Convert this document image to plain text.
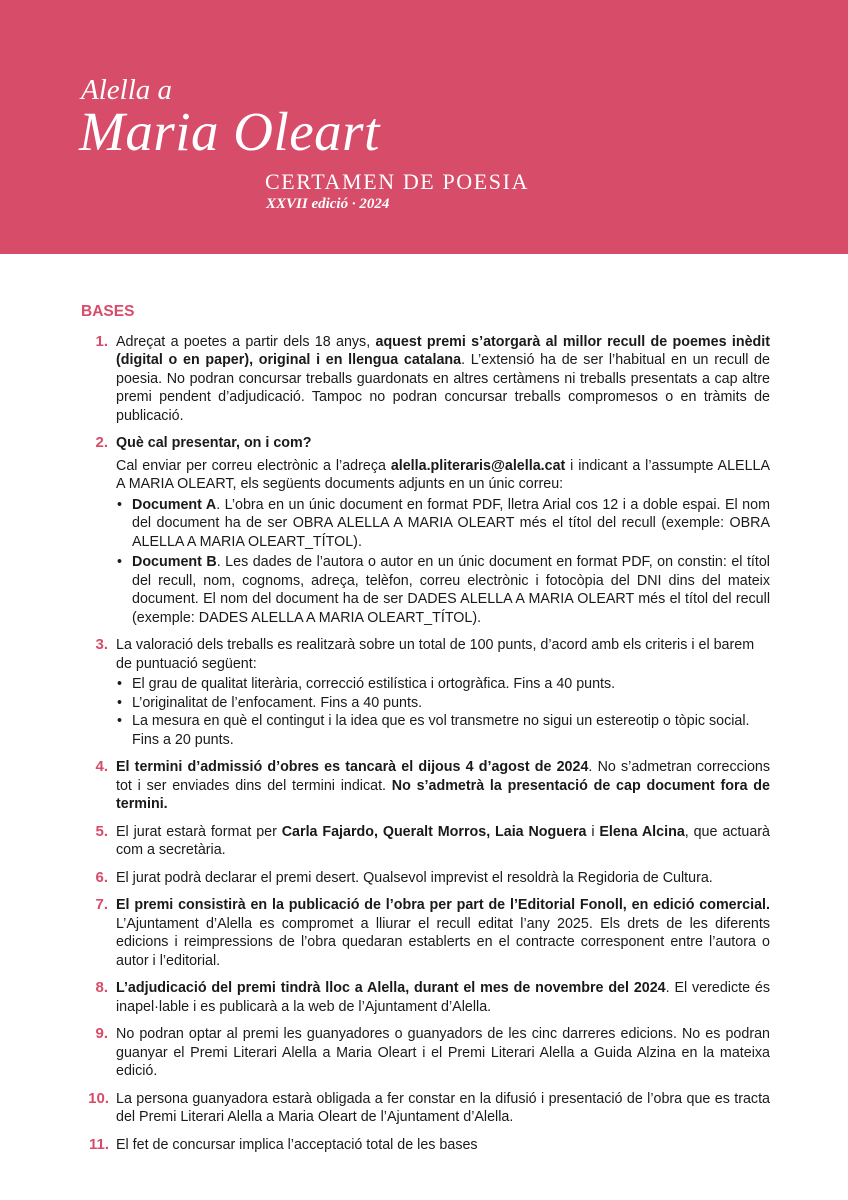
Alella a
Maria Oleart
CERTAMEN DE POESIA
XXVII edició · 2024
BASES
1. Adreçat a poetes a partir dels 18 anys, aquest premi s’atorgarà al millor recull de poemes inèdit (digital o en paper), original i en llengua catalana. L’extensió ha de ser l’habitual en un recull de poesia. No podran concursar treballs guardonats en altres certàmens ni treballs presentats a cap altre premi pendent d’adjudicació. Tampoc no podran concursar treballs compromesos o en tràmits de publicació.

2. Què cal presentar, on i com?

Cal enviar per correu electrònic a l’adreça alella.pliteraris@alella.cat i indicant a l’assumpte ALELLA A MARIA OLEART, els següents documents adjunts en un únic correu:

• Document A. L’obra en un únic document en format PDF, lletra Arial cos 12 i a doble espai. El nom del document ha de ser OBRA ALELLA A MARIA OLEART més el títol del recull (exemple: OBRA ALELLA A MARIA OLEART_TÍTOL).
• Document B. Les dades de l’autora o autor en un únic document en format PDF, on constin: el títol del recull, nom, cognoms, adreça, telèfon, correu electrònic i fotocòpia del DNI dins del mateix document. El nom del document ha de ser DADES ALELLA A MARIA OLEART més el títol del recull (exemple: DADES ALELLA A MARIA OLEART_TÍTOL).
3. La valoració dels treballs es realitzarà sobre un total de 100 punts, d’acord amb els criteris i el barem de puntuació següent:

• El grau de qualitat literària, correcció estilística i ortogràfica. Fins a 40 punts.
• L’originalitat de l’enfocament. Fins a 40 punts.
• La mesura en què el contingut i la idea que es vol transmetre no sigui un estereotip o tòpic social. Fins a 20 punts.
4. El termini d’admissió d’obres es tancarà el dijous 4 d’agost de 2024. No s’admetran correccions tot i ser enviades dins del termini indicat. No s’admetrà la presentació de cap document fora de termini.

5. El jurat estarà format per Carla Fajardo, Queralt Morros, Laia Noguera i Elena Alcina, que actuarà com a secretària.

6. El jurat podrà declarar el premi desert. Qualsevol imprevist el resoldrà la Regidoria de Cultura.

7. El premi consistirà en la publicació de l’obra per part de l’Editorial Fonoll, en edició comercial. L’Ajuntament d’Alella es compromet a lliurar el recull editat l’any 2025. Els drets de les diferents edicions i reimpressions de l’obra quedaran establerts en el contracte corresponent entre l’autora o autor i l’editorial.

8. L’adjudicació del premi tindrà lloc a Alella, durant el mes de novembre del 2024. El veredicte és inapel·lable i es publicarà a la web de l’Ajuntament d’Alella.

9. No podran optar al premi les guanyadores o guanyadors de les cinc darreres edicions. No es podran guanyar el Premi Literari Alella a Maria Oleart i el Premi Literari Alella a Guida Alzina en la mateixa edició.

10. La persona guanyadora estarà obligada a fer constar en la difusió i presentació de l’obra que es tracta del Premi Literari Alella a Maria Oleart de l’Ajuntament d’Alella.

11. El fet de concursar implica l’acceptació total de les bases
